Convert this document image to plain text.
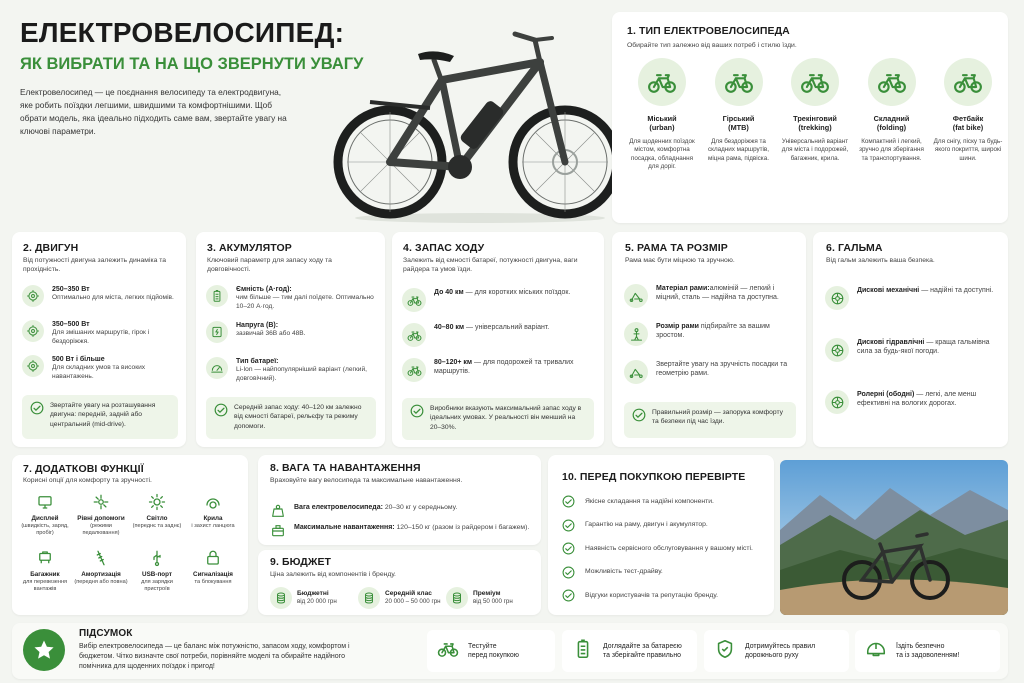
ЕЛЕКТРОВЕЛОСИПЕД:
ЯК ВИБРАТИ ТА НА ЩО ЗВЕРНУТИ УВАГУ
Електровелосипед — це поєднання велосипеду та електродвигуна, яке робить поїздки легшими, швидшими та комфортнішими. Щоб обрати модель, яка ідеально підходить саме вам, звертайте увагу на ключові параметри.
1. ТИП ЕЛЕКТРОВЕЛОСИПЕДА
Обирайте тип залежно від ваших потреб і стилю їзди.
Міський
(urban)
Для щоденних поїздок містом, комфортна посадка, обладнання для доріг.
Гірський
(MTB)
Для бездоріжжя та складних маршрутів, міцна рама, підвіска.
Трекінговий
(trekking)
Універсальний варіант для міста і подорожей, багажник, крила.
Складний
(folding)
Компактний і легкий, зручно для зберігання та транспортування.
Фетбайк
(fat bike)
Для снігу, піску та будь-якого покриття, широкі шини.
2. ДВИГУН
Від потужності двигуна залежить динаміка та прохідність.
250–350 Вт
Оптимально для міста, легких підйомів.
350–500 Вт
Для змішаних маршрутів, гірок і бездоріжжя.
500 Вт і більше
Для складних умов та високих навантажень.
Звертайте увагу на розташування двигуна: передній, задній або центральний (mid-drive).
3. АКУМУЛЯТОР
Ключовий параметр для запасу ходу та довговічності.
Ємність (А·год):
чим більше — тим далі поїдете. Оптимально 10–20 А·год.
Напруга (В):
зазвичай 36В або 48В.
Тип батареї:
Li-Ion — найпопулярніший варіант (легкий, довговічний).
Середній запас ходу: 40–120 км залежно від ємності батареї, рельєфу та режиму допомоги.
4. ЗАПАС ХОДУ
Залежить від ємності батареї, потужності двигуна, ваги райдера та умов їзди.
До 40 км — для коротких міських поїздок.
40–80 км — універсальний варіант.
80–120+ км — для подорожей та тривалих маршрутів.
Виробники вказують максимальний запас ходу в ідеальних умовах. У реальності він менший на 20–30%.
5. РАМА ТА РОЗМІР
Рама має бути міцною та зручною.
Матеріал рами:алюміній — легкий і міцний, сталь — надійна та доступна.
Розмір рами підбирайте за вашим зростом.
Звертайте увагу на зручність посадки та геометрію рами.
Правильний розмір — запорука комфорту та безпеки під час їзди.
6. ГАЛЬМА
Від гальм залежить ваша безпека.
Дискові механічні — надійні та доступні.
Дискові гідравлічні — краща гальмівна сила за будь-якої погоди.
Ролерні (ободні) — легкі, але менш ефективні на вологих дорогах.
7. ДОДАТКОВІ ФУНКЦІЇ
Корисні опції для комфорту та зручності.
Дисплей
(швидкість, заряд, пробіг)
Рівні допомоги
(режими педалювання)
Світло
(переднє та заднє)
Крила
і захист ланцюга
Багажник
для перевезення вантажів
Амортизація
(передня або повна)
USB-порт
для зарядки пристроїв
Сигналізація
та блокування
8. ВАГА ТА НАВАНТАЖЕННЯ
Враховуйте вагу велосипеда та максимальне навантаження.
Вага електровелосипеда: 20–30 кг у середньому.
Максимальне навантаження: 120–150 кг (разом із райдером і багажем).
9. БЮДЖЕТ
Ціна залежить від компонентів і бренду.
Бюджетні
від 20 000 грн
Середній клас
20 000 – 50 000 грн
Преміум
від 50 000 грн
10. ПЕРЕД ПОКУПКОЮ ПЕРЕВІРТЕ
Якісне складання та надійні компоненти.
Гарантію на раму, двигун і акумулятор.
Наявність сервісного обслуговування у вашому місті.
Можливість тест-драйву.
Відгуки користувачів та репутацію бренду.
ПІДСУМОК
Вибір електровелосипеда — це баланс між потужністю, запасом ходу, комфортом і бюджетом. Чітко визначте свої потреби, порівняйте моделі та обирайте надійного помічника для щоденних поїздок і пригод!
Тестуйте
перед покупкою
Доглядайте за батареєю
та зберігайте правильно
Дотримуйтесь правил
дорожнього руху
Їздіть безпечно
та із задоволенням!
